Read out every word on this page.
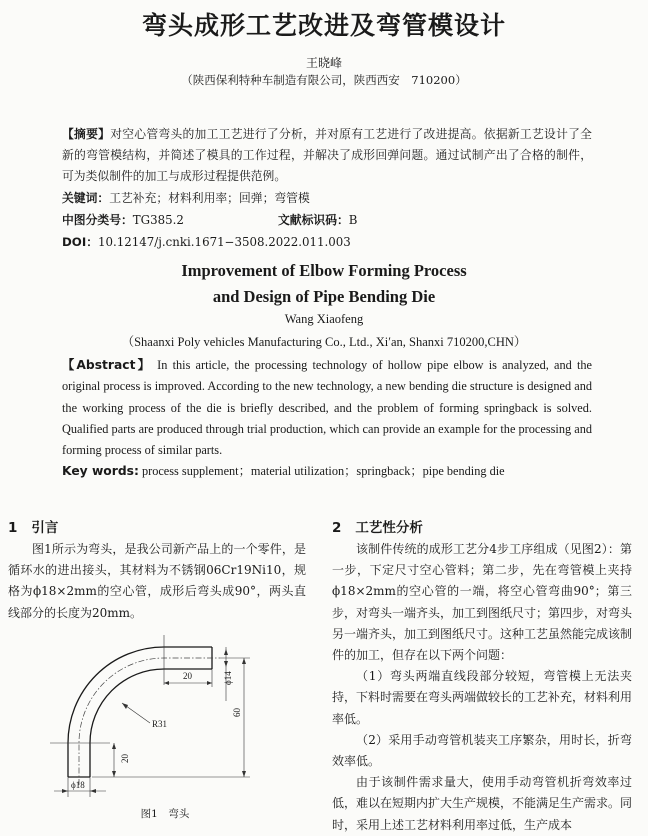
弯头成形工艺改进及弯管模设计
王晓峰
（陕西保利特种车制造有限公司，陕西西安　710200）
【摘要】对空心管弯头的加工工艺进行了分析，并对原有工艺进行了改进提高。依据新工艺设计了全新的弯管模结构，并简述了模具的工作过程，并解决了成形回弹问题。通过试制产出了合格的制件，可为类似制件的加工与成形过程提供范例。
关键词：工艺补充；材料利用率；回弹；弯管模
中图分类号：TG385.2	文献标识码：B
DOI：10.12147/j.cnki.1671−3508.2022.011.003
Improvement of Elbow Forming Process
and Design of Pipe Bending Die
Wang Xiaofeng
（Shaanxi Poly vehicles Manufacturing Co., Ltd., Xi′an, Shanxi 710200,CHN）
【Abstract】 In this article, the processing technology of hollow pipe elbow is analyzed, and the original process is improved. According to the new technology, a new bending die structure is designed and the working process of the die is briefly described, and the problem of forming springback is solved. Qualified parts are produced through trial production, which can provide an example for the processing and forming process of similar parts.
Key words: process supplement；material utilization；springback；pipe bending die
1 引言
图1所示为弯头，是我公司新产品上的一个零件，是循环水的进出接头，其材料为不锈钢06Cr19Ni10，规格为ϕ18×2mm的空心管，成形后弯头成90°，两头直线部分的长度为20mm。
20	ϕ14
60
R31
20
ϕ18
图1　弯头
2 工艺性分析
该制件传统的成形工艺分4步工序组成（见图2）：第一步，下定尺寸空心管料；第二步，先在弯管模上夹持ϕ18×2mm的空心管的一端，将空心管弯曲90°；第三步，对弯头一端齐头，加工到图纸尺寸；第四步，对弯头另一端齐头，加工到图纸尺寸。这种工艺虽然能完成该制件的加工，但存在以下两个问题：
（1）弯头两端直线段部分较短，弯管模上无法夹持，下料时需要在弯头两端做较长的工艺补充，材料利用率低。
（2）采用手动弯管机装夹工序繁杂，用时长，折弯效率低。
由于该制件需求量大，使用手动弯管机折弯效率过低，难以在短期内扩大生产规模，不能满足生产需求。同时，采用上述工艺材料利用率过低，生产成本
